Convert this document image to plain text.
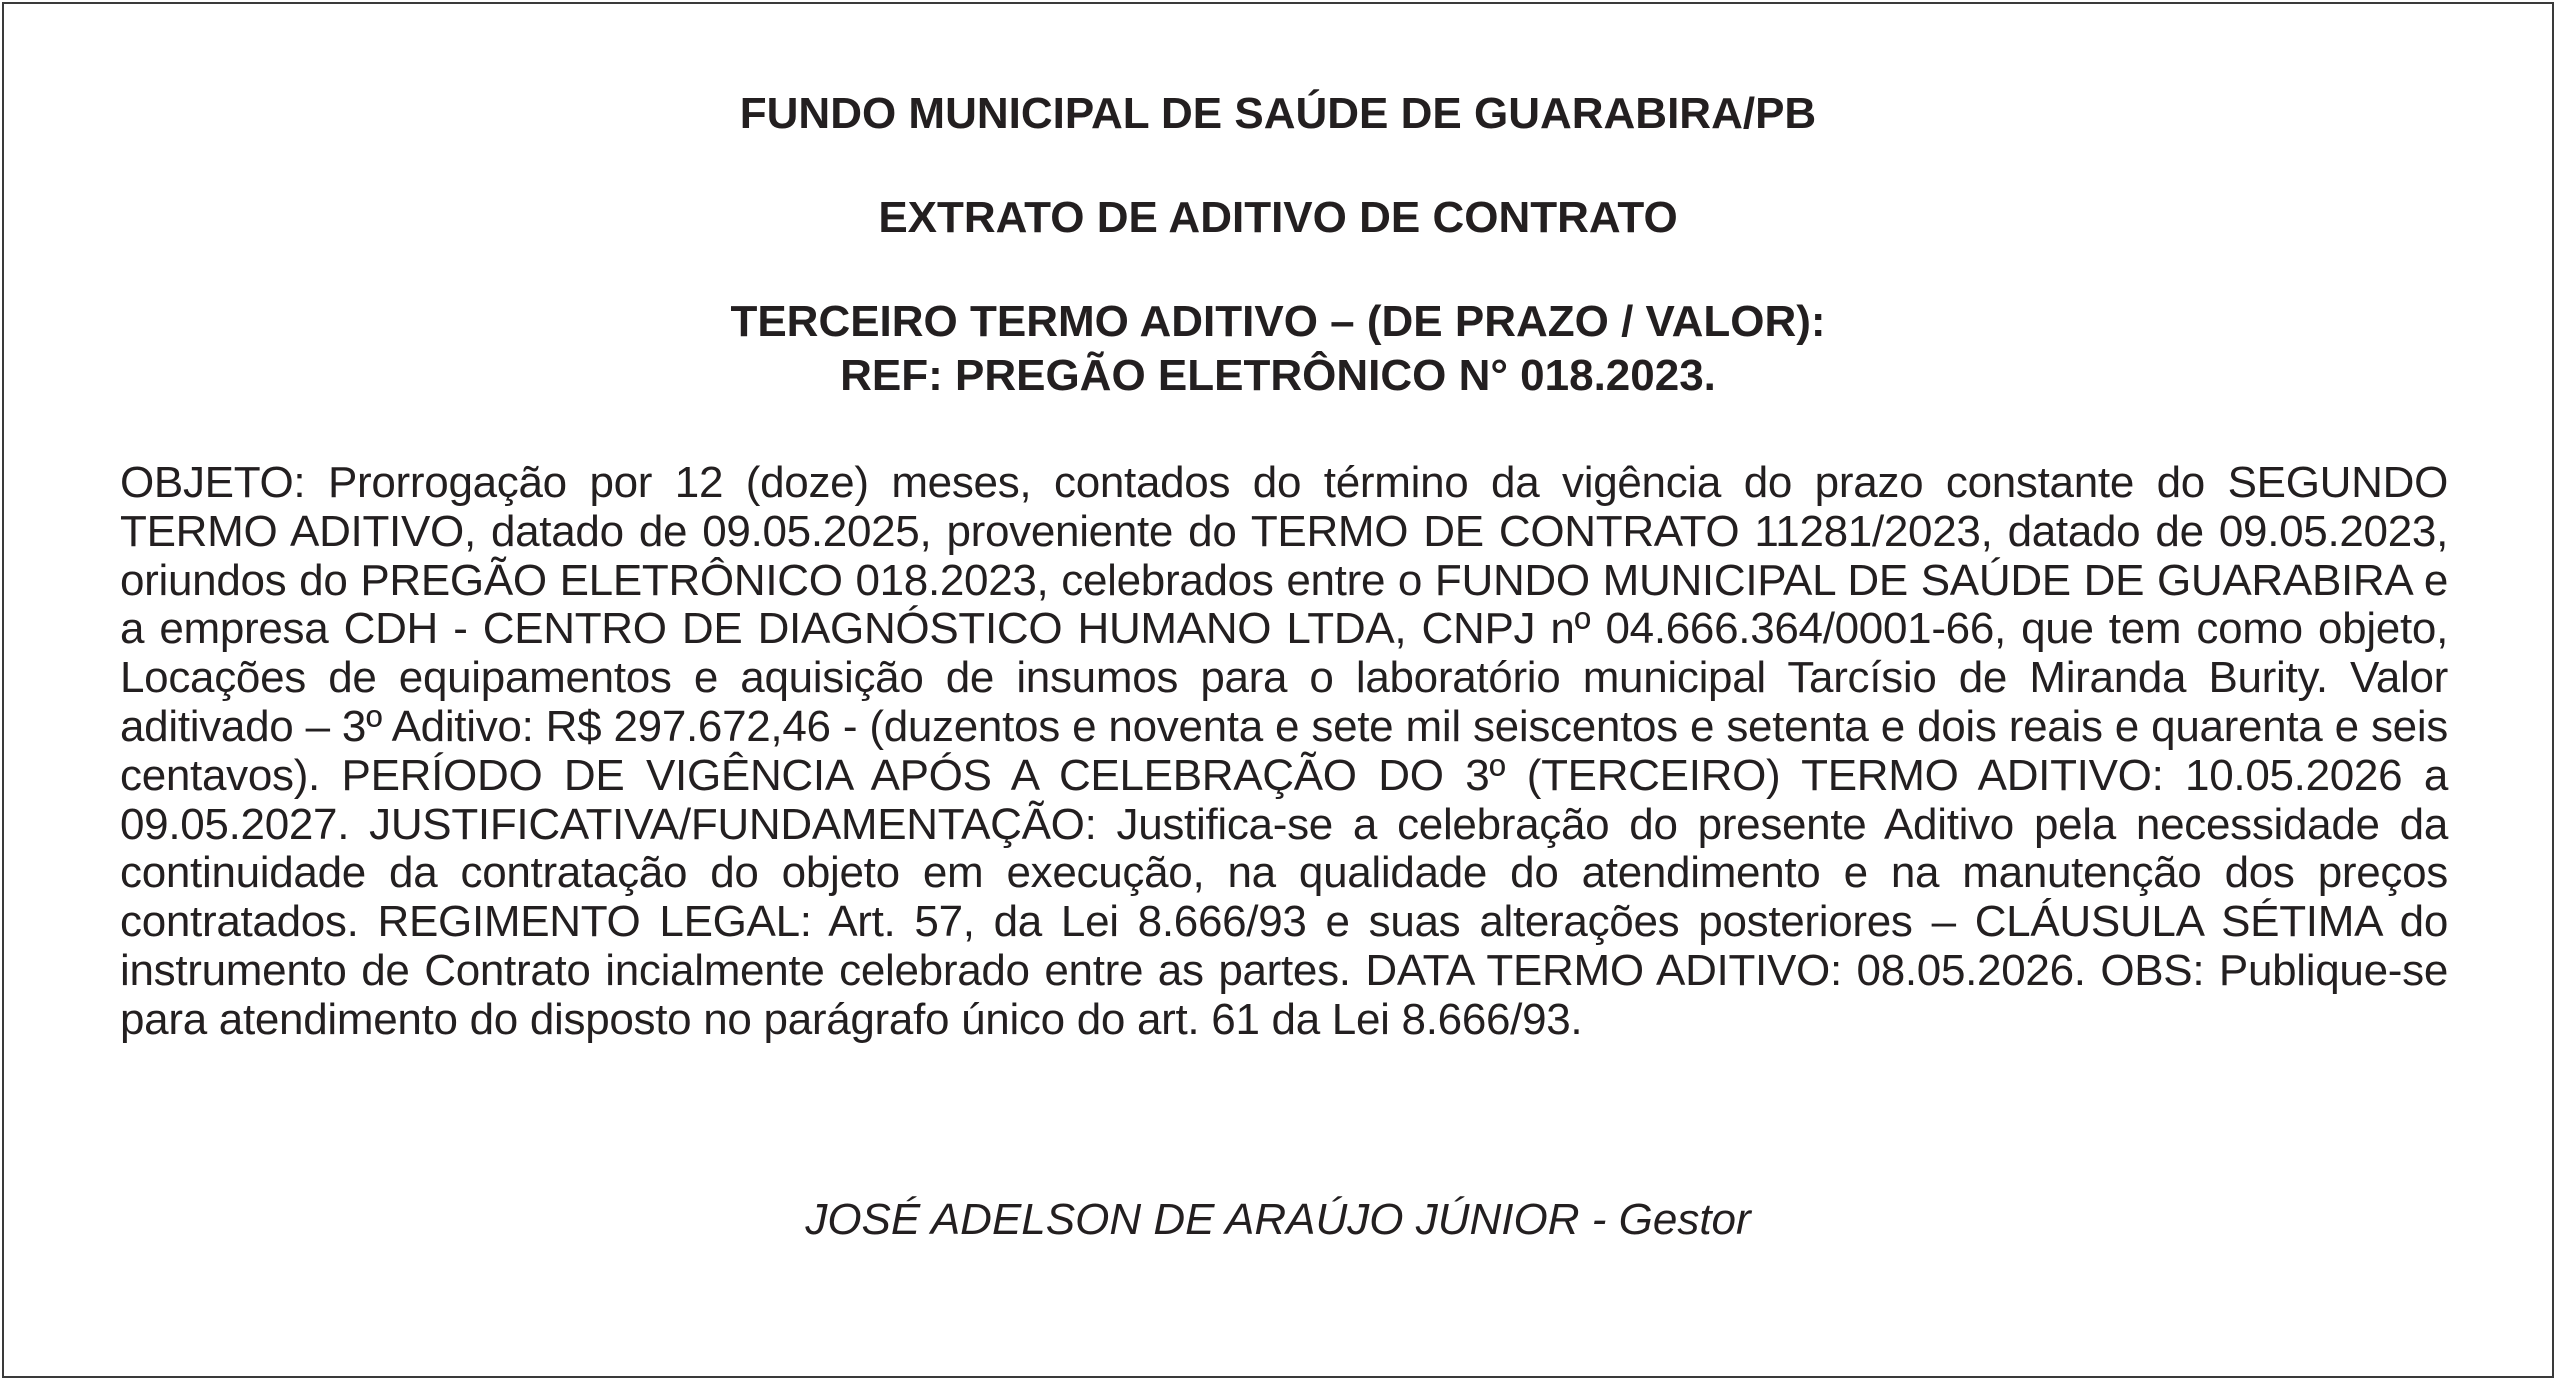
FUNDO MUNICIPAL DE SAÚDE DE GUARABIRA/PB
EXTRATO DE ADITIVO DE CONTRATO
TERCEIRO TERMO ADITIVO – (DE PRAZO / VALOR):
REF: PREGÃO ELETRÔNICO N° 018.2023.

OBJETO: Prorrogação por 12 (doze) meses, contados do término da vigência do prazo constante do SEGUNDO TERMO ADITIVO, datado de 09.05.2025, proveniente do TERMO DE CONTRATO 11281/2023, datado de 09.05.2023, oriundos do PREGÃO ELETRÔNICO 018.2023, celebrados entre o FUNDO MUNICIPAL DE SAÚDE DE GUARABIRA e a empresa CDH - CENTRO DE DIAGNÓSTICO HUMANO LTDA, CNPJ nº 04.666.364/0001-66, que tem como objeto, Locações de equipamentos e aquisição de insumos para o laboratório municipal Tarcísio de Miranda Burity. Valor aditivado – 3º Aditivo: R$ 297.672,46 - (duzentos e noventa e sete mil seiscentos e setenta e dois reais e quarenta e seis centavos). PERÍODO DE VIGÊNCIA APÓS A CELEBRAÇÃO DO 3º (TERCEIRO) TERMO ADITIVO: 10.05.2026 a 09.05.2027. JUSTIFICATIVA/FUNDAMENTAÇÃO: Justifica-se a celebração do presente Aditivo pela necessidade da continuidade da contratação do objeto em execução, na qualidade do atendimento e na manutenção dos preços contratados. REGIMENTO LEGAL: Art. 57, da Lei 8.666/93 e suas alterações posteriores – CLÁUSULA SÉTIMA do instrumento de Contrato incialmente celebrado entre as partes. DATA TERMO ADITIVO: 08.05.2026. OBS: Publique-se para atendimento do disposto no parágrafo único do art. 61 da Lei 8.666/93.

JOSÉ ADELSON DE ARAÚJO JÚNIOR - Gestor
